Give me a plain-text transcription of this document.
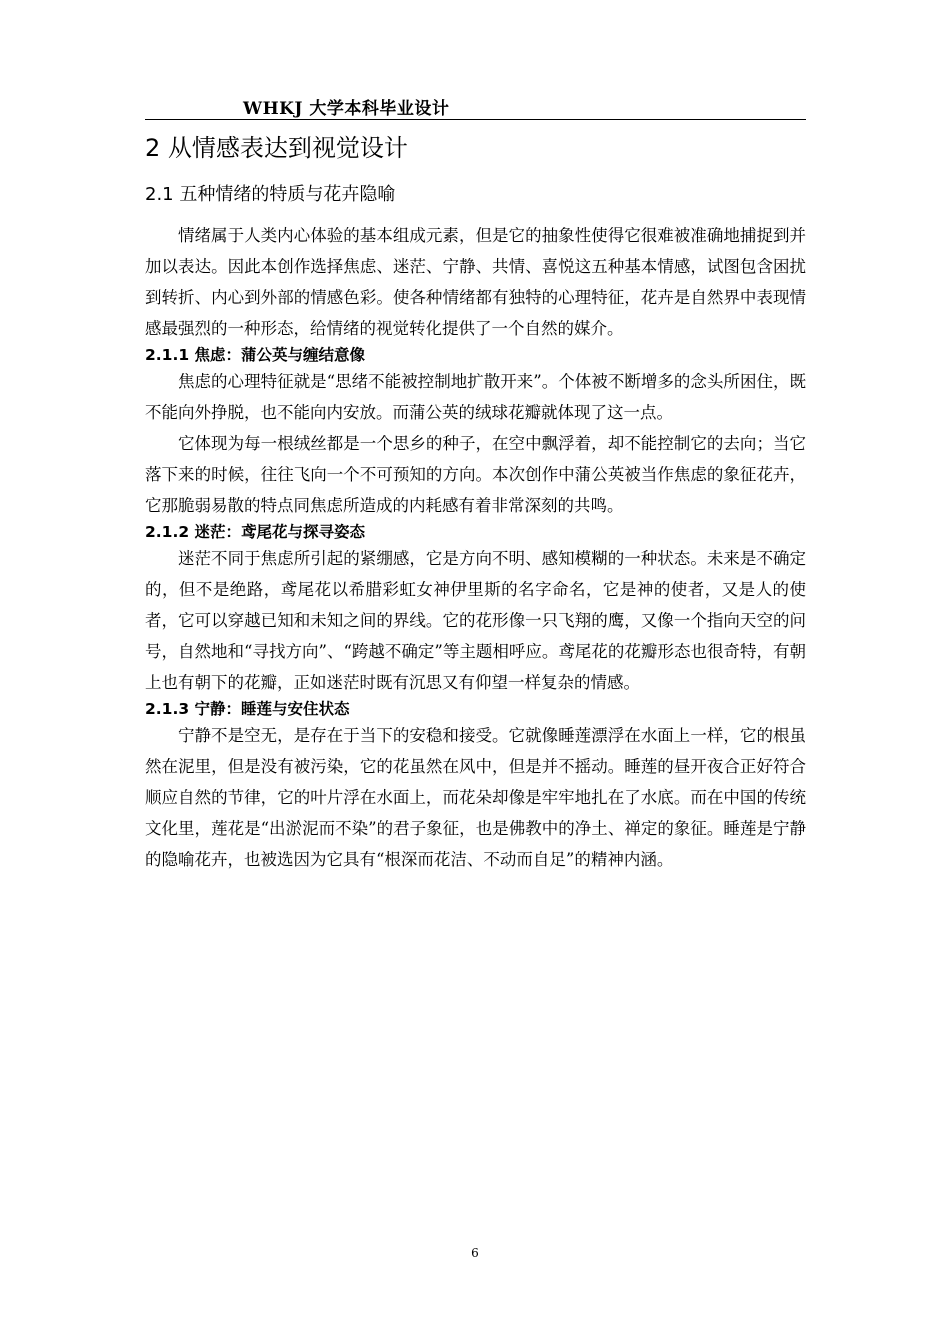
WHKJ 大学本科毕业设计
2 从情感表达到视觉设计
2.1 五种情绪的特质与花卉隐喻

情绪属于人类内心体验的基本组成元素，但是它的抽象性使得它很难被准确地捕捉到并加以表达。因此本创作选择焦虑、迷茫、宁静、共情、喜悦这五种基本情感，试图包含困扰到转折、内心到外部的情感色彩。使各种情绪都有独特的心理特征，花卉是自然界中表现情感最强烈的一种形态，给情绪的视觉转化提供了一个自然的媒介。

2.1.1 焦虑：蒲公英与缠结意像

焦虑的心理特征就是“思绪不能被控制地扩散开来”。个体被不断增多的念头所困住，既不能向外挣脱，也不能向内安放。而蒲公英的绒球花瓣就体现了这一点。

它体现为每一根绒丝都是一个思乡的种子，在空中飘浮着，却不能控制它的去向；当它落下来的时候，往往飞向一个不可预知的方向。本次创作中蒲公英被当作焦虑的象征花卉，它那脆弱易散的特点同焦虑所造成的内耗感有着非常深刻的共鸣。

2.1.2 迷茫：鸢尾花与探寻姿态

迷茫不同于焦虑所引起的紧绷感，它是方向不明、感知模糊的一种状态。未来是不确定的，但不是绝路，鸢尾花以希腊彩虹女神伊里斯的名字命名，它是神的使者，又是人的使者，它可以穿越已知和未知之间的界线。它的花形像一只飞翔的鹰，又像一个指向天空的问号，自然地和“寻找方向”、“跨越不确定”等主题相呼应。鸢尾花的花瓣形态也很奇特，有朝上也有朝下的花瓣，正如迷茫时既有沉思又有仰望一样复杂的情感。

2.1.3 宁静：睡莲与安住状态

宁静不是空无，是存在于当下的安稳和接受。它就像睡莲漂浮在水面上一样，它的根虽然在泥里，但是没有被污染，它的花虽然在风中，但是并不摇动。睡莲的昼开夜合正好符合顺应自然的节律，它的叶片浮在水面上，而花朵却像是牢牢地扎在了水底。而在中国的传统文化里，莲花是“出淤泥而不染”的君子象征，也是佛教中的净土、禅定的象征。睡莲是宁静的隐喻花卉，也被选因为它具有“根深而花洁、不动而自足”的精神内涵。

6
